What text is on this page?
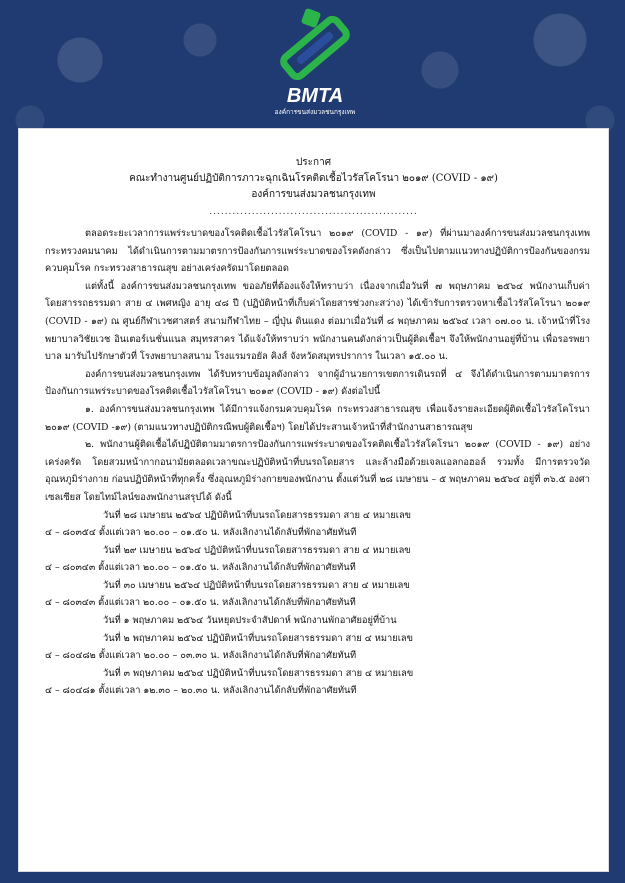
BMTA
องค์การขนส่งมวลชนกรุงเทพ
ประกาศ
คณะทำงานศูนย์ปฏิบัติการภาวะฉุกเฉินโรคติดเชื้อไวรัสโคโรนา ๒๐๑๙ (COVID - ๑๙)
องค์การขนส่งมวลชนกรุงเทพ
......................................................

ตลอดระยะเวลาการแพร่ระบาดของโรคติดเชื้อไวรัสโคโรนา ๒๐๑๙ (COVID - ๑๙) ที่ผ่านมาองค์การขนส่งมวลชนกรุงเทพ กระทรวงคมนาคม ได้ดำเนินการตามมาตรการป้องกันการแพร่ระบาดของโรคดังกล่าว ซึ่งเป็นไปตามแนวทางปฏิบัติการป้องกันของกรมควบคุมโรค กระทรวงสาธารณสุข อย่างเคร่งครัดมาโดยตลอด

แต่ทั้งนี้ องค์การขนส่งมวลชนกรุงเทพ ขออภัยที่ต้องแจ้งให้ทราบว่า เนื่องจากเมื่อวันที่ ๗ พฤษภาคม ๒๕๖๔ พนักงานเก็บค่าโดยสารรถธรรมดา สาย ๔ เพศหญิง อายุ ๔๘ ปี (ปฏิบัติหน้าที่เก็บค่าโดยสารช่วงกะสว่าง) ได้เข้ารับการตรวจหาเชื้อไวรัสโคโรนา ๒๐๑๙ (COVID - ๑๙) ณ ศูนย์กีฬาเวชศาสตร์ สนามกีฬาไทย – ญี่ปุ่น ดินแดง ต่อมาเมื่อวันที่ ๘ พฤษภาคม ๒๕๖๔ เวลา ๐๗.๐๐ น. เจ้าหน้าที่โรงพยาบาลวิชัยเวช อินเตอร์เนชั่นแนล สมุทรสาคร ได้แจ้งให้ทราบว่า พนักงานคนดังกล่าวเป็นผู้ติดเชื้อฯ จึงให้พนักงานอยู่ที่บ้าน เพื่อรอรพยาบาล มารับไปรักษาตัวที่ โรงพยาบาลสนาม โรงแรมรอยัล คิงส์ จังหวัดสมุทรปราการ ในเวลา ๑๕.๐๐ น.

องค์การขนส่งมวลชนกรุงเทพ ได้รับทราบข้อมูลดังกล่าว จากผู้อำนวยการเขตการเดินรถที่ ๔ จึงได้ดำเนินการตามมาตรการป้องกันการแพร่ระบาดของโรคติดเชื้อไวรัสโคโรนา ๒๐๑๙ (COVID - ๑๙) ดังต่อไปนี้

๑. องค์การขนส่งมวลชนกรุงเทพ ได้มีการแจ้งกรมควบคุมโรค กระทรวงสาธารณสุข เพื่อแจ้งรายละเอียดผู้ติดเชื้อไวรัสโคโรนา ๒๐๑๙ (COVID -๑๙) (ตามแนวทางปฏิบัติกรณีพบผู้ติดเชื้อฯ) โดยได้ประสานเจ้าหน้าที่สำนักงานสาธารณสุข

๒. พนักงานผู้ติดเชื้อได้ปฏิบัติตามมาตรการป้องกันการแพร่ระบาดของโรคติดเชื้อไวรัสโคโรนา ๒๐๑๙ (COVID - ๑๙) อย่างเคร่งครัด โดยสวมหน้ากากอนามัยตลอดเวลาขณะปฏิบัติหน้าที่บนรถโดยสาร และล้างมือด้วยเจลแอลกอฮอล์ รวมทั้ง มีการตรวจวัดอุณหภูมิร่างกาย ก่อนปฏิบัติหน้าที่ทุกครั้ง ซึ่งอุณหภูมิร่างกายของพนักงาน ตั้งแต่วันที่ ๒๘ เมษายน – ๕ พฤษภาคม ๒๕๖๔ อยู่ที่ ๓๖.๕ องศาเซลเซียส โดยไทม์ไลน์ของพนักงานสรุปได้ ดังนี้

วันที่ ๒๘ เมษายน ๒๕๖๔ ปฏิบัติหน้าที่บนรถโดยสารธรรมดา สาย ๔ หมายเลข

๔ – ๘๐๓๕๔ ตั้งแต่เวลา ๒๐.๐๐ – ๐๑.๕๐ น. หลังเลิกงานได้กลับที่พักอาศัยทันที

วันที่ ๒๙ เมษายน ๒๕๖๔ ปฏิบัติหน้าที่บนรถโดยสารธรรมดา สาย ๔ หมายเลข

๔ – ๘๐๓๔๓ ตั้งแต่เวลา ๒๐.๐๐ – ๐๑.๕๐ น. หลังเลิกงานได้กลับที่พักอาศัยทันที

วันที่ ๓๐ เมษายน ๒๕๖๔ ปฏิบัติหน้าที่บนรถโดยสารธรรมดา สาย ๔ หมายเลข

๔ – ๘๐๓๔๓ ตั้งแต่เวลา ๒๐.๐๐ – ๐๑.๕๐ น. หลังเลิกงานได้กลับที่พักอาศัยทันที

วันที่ ๑ พฤษภาคม ๒๕๖๔ วันหยุดประจำสัปดาห์ พนักงานพักอาศัยอยู่ที่บ้าน

วันที่ ๒ พฤษภาคม ๒๕๖๔ ปฏิบัติหน้าที่บนรถโดยสารธรรมดา สาย ๔ หมายเลข

๔ – ๘๐๔๘๒ ตั้งแต่เวลา ๒๐.๐๐ – ๐๓.๓๐ น. หลังเลิกงานได้กลับที่พักอาศัยทันที

วันที่ ๓ พฤษภาคม ๒๕๖๔ ปฏิบัติหน้าที่บนรถโดยสารธรรมดา สาย ๔ หมายเลข

๔ – ๘๐๔๘๑ ตั้งแต่เวลา ๑๒.๓๐ – ๒๐.๓๐ น. หลังเลิกงานได้กลับที่พักอาศัยทันที
